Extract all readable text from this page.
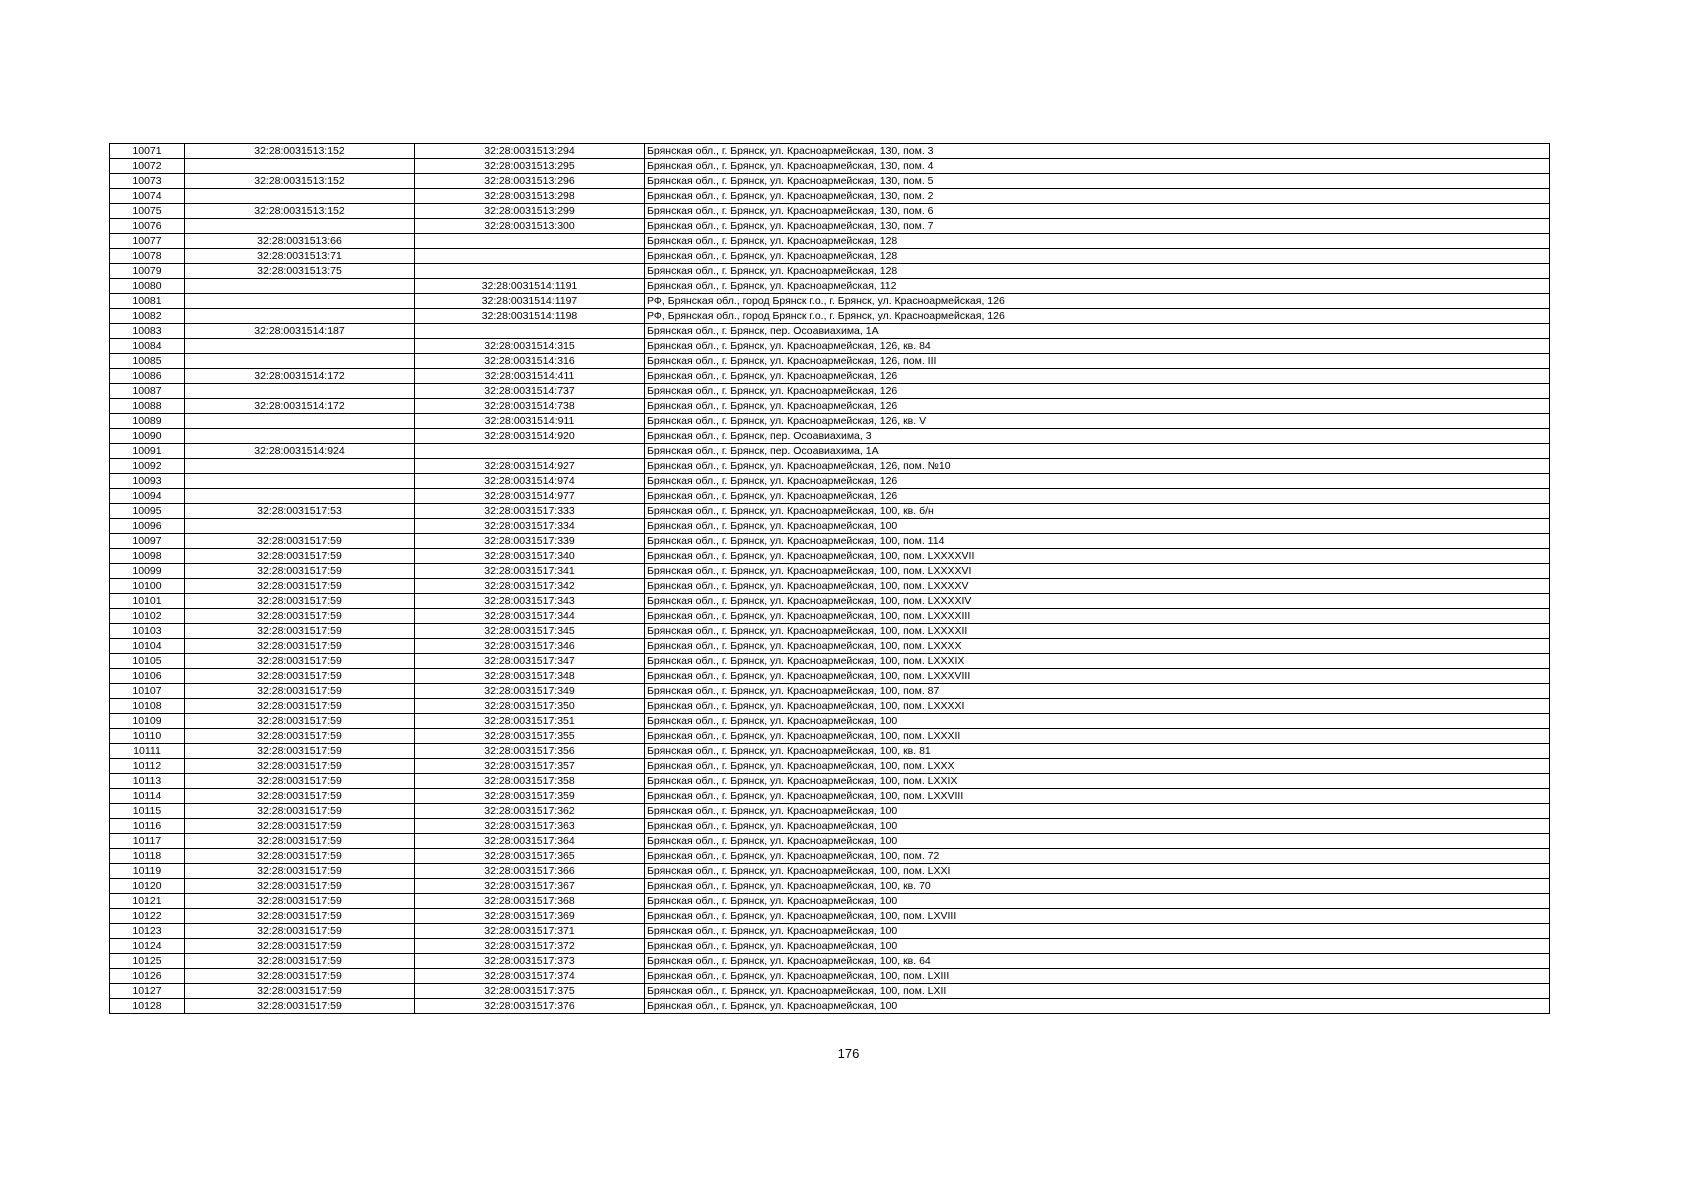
10071	32:28:0031513:152	32:28:0031513:294	Брянская обл., г. Брянск, ул. Красноармейская, 130, пом. 3
10072		32:28:0031513:295	Брянская обл., г. Брянск, ул. Красноармейская, 130, пом. 4
10073	32:28:0031513:152	32:28:0031513:296	Брянская обл., г. Брянск, ул. Красноармейская, 130, пом. 5
10074		32:28:0031513:298	Брянская обл., г. Брянск, ул. Красноармейская, 130, пом. 2
10075	32:28:0031513:152	32:28:0031513:299	Брянская обл., г. Брянск, ул. Красноармейская, 130, пом. 6
10076		32:28:0031513:300	Брянская обл., г. Брянск, ул. Красноармейская, 130, пом. 7
10077	32:28:0031513:66		Брянская обл., г. Брянск, ул. Красноармейская, 128
10078	32:28:0031513:71		Брянская обл., г. Брянск, ул. Красноармейская, 128
10079	32:28:0031513:75		Брянская обл., г. Брянск, ул. Красноармейская, 128
10080		32:28:0031514:1191	Брянская обл., г. Брянск, ул. Красноармейская, 112
10081		32:28:0031514:1197	РФ, Брянская обл., город Брянск г.о., г. Брянск, ул. Красноармейская, 126
10082		32:28:0031514:1198	РФ, Брянская обл., город Брянск г.о., г. Брянск, ул. Красноармейская, 126
10083	32:28:0031514:187		Брянская обл., г. Брянск, пер. Осоавиахима, 1А
10084		32:28:0031514:315	Брянская обл., г. Брянск, ул. Красноармейская, 126, кв. 84
10085		32:28:0031514:316	Брянская обл., г. Брянск, ул. Красноармейская, 126, пом. III
10086	32:28:0031514:172	32:28:0031514:411	Брянская обл., г. Брянск, ул. Красноармейская, 126
10087		32:28:0031514:737	Брянская обл., г. Брянск, ул. Красноармейская, 126
10088	32:28:0031514:172	32:28:0031514:738	Брянская обл., г. Брянск, ул. Красноармейская, 126
10089		32:28:0031514:911	Брянская обл., г. Брянск, ул. Красноармейская, 126, кв. V
10090		32:28:0031514:920	Брянская обл., г. Брянск, пер. Осоавиахима, 3
10091	32:28:0031514:924		Брянская обл., г. Брянск, пер. Осоавиахима, 1А
10092		32:28:0031514:927	Брянская обл., г. Брянск, ул. Красноармейская, 126, пом. №10
10093		32:28:0031514:974	Брянская обл., г. Брянск, ул. Красноармейская, 126
10094		32:28:0031514:977	Брянская обл., г. Брянск, ул. Красноармейская, 126
10095	32:28:0031517:53	32:28:0031517:333	Брянская обл., г. Брянск, ул. Красноармейская, 100, кв. б/н
10096		32:28:0031517:334	Брянская обл., г. Брянск, ул. Красноармейская, 100
10097	32:28:0031517:59	32:28:0031517:339	Брянская обл., г. Брянск, ул. Красноармейская, 100, пом. 114
10098	32:28:0031517:59	32:28:0031517:340	Брянская обл., г. Брянск, ул. Красноармейская, 100, пом. LXXXXVII
10099	32:28:0031517:59	32:28:0031517:341	Брянская обл., г. Брянск, ул. Красноармейская, 100, пом. LXXXXVI
10100	32:28:0031517:59	32:28:0031517:342	Брянская обл., г. Брянск, ул. Красноармейская, 100, пом. LXXXXV
10101	32:28:0031517:59	32:28:0031517:343	Брянская обл., г. Брянск, ул. Красноармейская, 100, пом. LXXXXIV
10102	32:28:0031517:59	32:28:0031517:344	Брянская обл., г. Брянск, ул. Красноармейская, 100, пом. LXXXXIII
10103	32:28:0031517:59	32:28:0031517:345	Брянская обл., г. Брянск, ул. Красноармейская, 100, пом. LXXXXII
10104	32:28:0031517:59	32:28:0031517:346	Брянская обл., г. Брянск, ул. Красноармейская, 100, пом. LXXXX
10105	32:28:0031517:59	32:28:0031517:347	Брянская обл., г. Брянск, ул. Красноармейская, 100, пом. LXXXIX
10106	32:28:0031517:59	32:28:0031517:348	Брянская обл., г. Брянск, ул. Красноармейская, 100, пом. LXXXVIII
10107	32:28:0031517:59	32:28:0031517:349	Брянская обл., г. Брянск, ул. Красноармейская, 100, пом. 87
10108	32:28:0031517:59	32:28:0031517:350	Брянская обл., г. Брянск, ул. Красноармейская, 100, пом. LXXXXI
10109	32:28:0031517:59	32:28:0031517:351	Брянская обл., г. Брянск, ул. Красноармейская, 100
10110	32:28:0031517:59	32:28:0031517:355	Брянская обл., г. Брянск, ул. Красноармейская, 100, пом. LXXXII
10111	32:28:0031517:59	32:28:0031517:356	Брянская обл., г. Брянск, ул. Красноармейская, 100, кв. 81
10112	32:28:0031517:59	32:28:0031517:357	Брянская обл., г. Брянск, ул. Красноармейская, 100, пом. LXXX
10113	32:28:0031517:59	32:28:0031517:358	Брянская обл., г. Брянск, ул. Красноармейская, 100, пом. LXXIX
10114	32:28:0031517:59	32:28:0031517:359	Брянская обл., г. Брянск, ул. Красноармейская, 100, пом. LXXVIII
10115	32:28:0031517:59	32:28:0031517:362	Брянская обл., г. Брянск, ул. Красноармейская, 100
10116	32:28:0031517:59	32:28:0031517:363	Брянская обл., г. Брянск, ул. Красноармейская, 100
10117	32:28:0031517:59	32:28:0031517:364	Брянская обл., г. Брянск, ул. Красноармейская, 100
10118	32:28:0031517:59	32:28:0031517:365	Брянская обл., г. Брянск, ул. Красноармейская, 100, пом. 72
10119	32:28:0031517:59	32:28:0031517:366	Брянская обл., г. Брянск, ул. Красноармейская, 100, пом. LXXI
10120	32:28:0031517:59	32:28:0031517:367	Брянская обл., г. Брянск, ул. Красноармейская, 100, кв. 70
10121	32:28:0031517:59	32:28:0031517:368	Брянская обл., г. Брянск, ул. Красноармейская, 100
10122	32:28:0031517:59	32:28:0031517:369	Брянская обл., г. Брянск, ул. Красноармейская, 100, пом. LXVIII
10123	32:28:0031517:59	32:28:0031517:371	Брянская обл., г. Брянск, ул. Красноармейская, 100
10124	32:28:0031517:59	32:28:0031517:372	Брянская обл., г. Брянск, ул. Красноармейская, 100
10125	32:28:0031517:59	32:28:0031517:373	Брянская обл., г. Брянск, ул. Красноармейская, 100, кв. 64
10126	32:28:0031517:59	32:28:0031517:374	Брянская обл., г. Брянск, ул. Красноармейская, 100, пом. LXIII
10127	32:28:0031517:59	32:28:0031517:375	Брянская обл., г. Брянск, ул. Красноармейская, 100, пом. LXII
10128	32:28:0031517:59	32:28:0031517:376	Брянская обл., г. Брянск, ул. Красноармейская, 100
176
